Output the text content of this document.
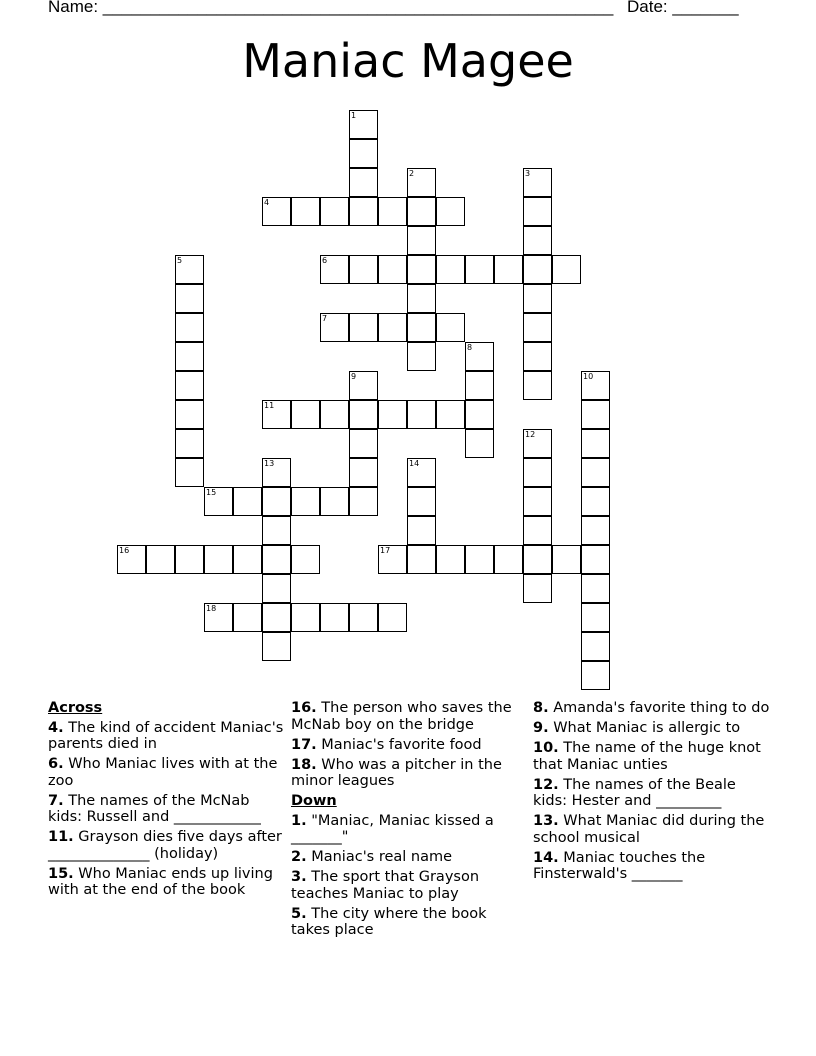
Name: ______________________________________________________ Date: _______
Maniac Magee
1
2	3
4
5	6
7
8
9	10
11
12
13	14
15
16	17
18
Across
4. The kind of accident Maniac's parents died in
6. Who Maniac lives with at the zoo
7. The names of the McNab kids: Russell and ____________
11. Grayson dies five days after ______________ (holiday)
15. Who Maniac ends up living with at the end of the book
16. The person who saves the McNab boy on the bridge
17. Maniac's favorite food
18. Who was a pitcher in the minor leagues
Down
1. "Maniac, Maniac kissed a _______"
2. Maniac's real name
3. The sport that Grayson teaches Maniac to play
5. The city where the book takes place
8. Amanda's favorite thing to do
9. What Maniac is allergic to
10. The name of the huge knot that Maniac unties
12. The names of the Beale kids: Hester and _________
13. What Maniac did during the school musical
14. Maniac touches the Finsterwald's _______
